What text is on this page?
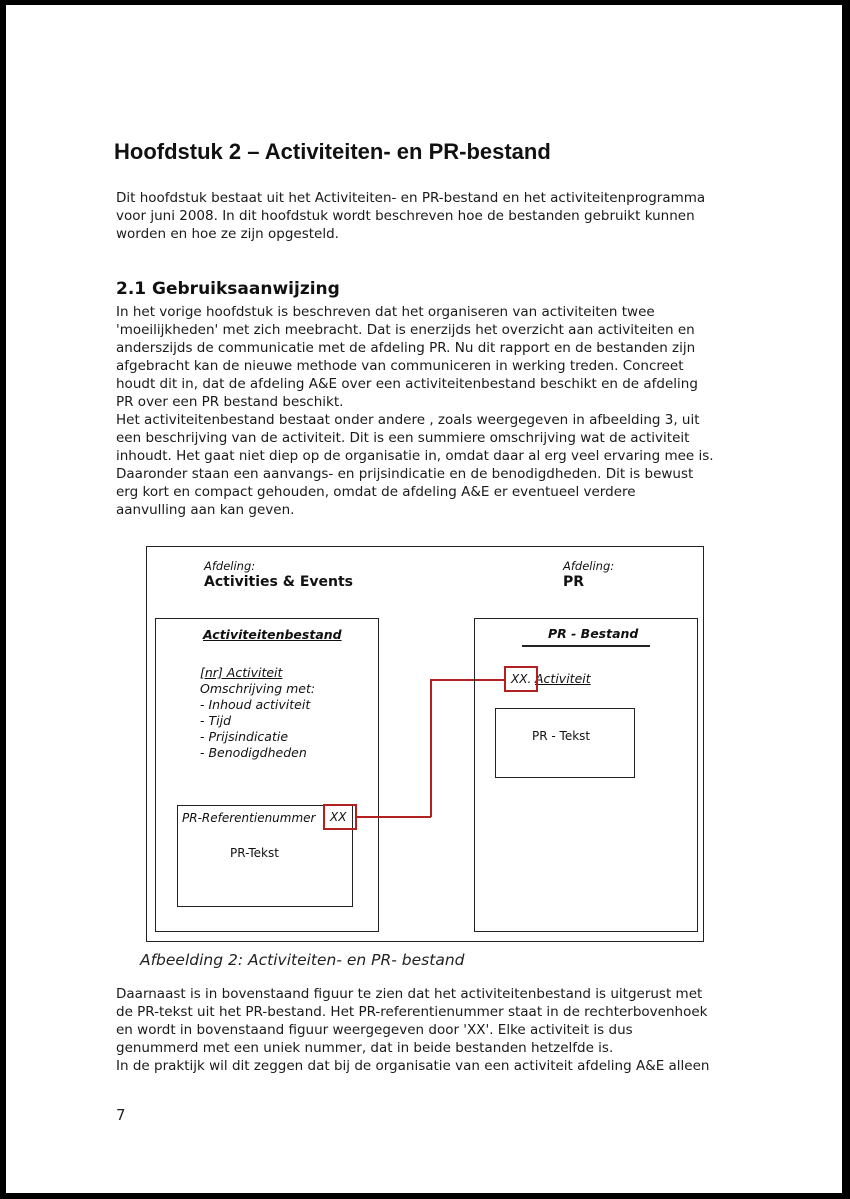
Hoofdstuk 2 – Activiteiten- en PR-bestand
Dit hoofdstuk bestaat uit het Activiteiten- en PR-bestand en het activiteitenprogramma
voor juni 2008. In dit hoofdstuk wordt beschreven hoe de bestanden gebruikt kunnen
worden en hoe ze zijn opgesteld.
2.1 Gebruiksaanwijzing
In het vorige hoofdstuk is beschreven dat het organiseren van activiteiten twee
'moeilijkheden' met zich meebracht. Dat is enerzijds het overzicht aan activiteiten en
anderszijds de communicatie met de afdeling PR. Nu dit rapport en de bestanden zijn
afgebracht kan de nieuwe methode van communiceren in werking treden. Concreet
houdt dit in, dat de afdeling A&E over een activiteitenbestand beschikt en de afdeling
PR over een PR bestand beschikt.
Het activiteitenbestand bestaat onder andere , zoals weergegeven in afbeelding 3, uit
een beschrijving van de activiteit. Dit is een summiere omschrijving wat de activiteit
inhoudt. Het gaat niet diep op de organisatie in, omdat daar al erg veel ervaring mee is.
Daaronder staan een aanvangs- en prijsindicatie en de benodigdheden. Dit is bewust
erg kort en compact gehouden, omdat de afdeling A&E er eventueel verdere
aanvulling aan kan geven.
Afdeling:
Activities & Events
Afdeling:
PR
Activiteitenbestand
[nr] Activiteit
Omschrijving met:
- Inhoud activiteit
- Tijd
- Prijsindicatie
- Benodigdheden
PR-Referentienummer
PR-Tekst
XX
PR - Bestand
Activiteit
PR - Tekst
XX.
Afbeelding 2: Activiteiten- en PR- bestand
Daarnaast is in bovenstaand figuur te zien dat het activiteitenbestand is uitgerust met
de PR-tekst uit het PR-bestand. Het PR-referentienummer staat in de rechterbovenhoek
en wordt in bovenstaand figuur weergegeven door 'XX'. Elke activiteit is dus
genummerd met een uniek nummer, dat in beide bestanden hetzelfde is.
In de praktijk wil dit zeggen dat bij de organisatie van een activiteit afdeling A&E alleen
7
